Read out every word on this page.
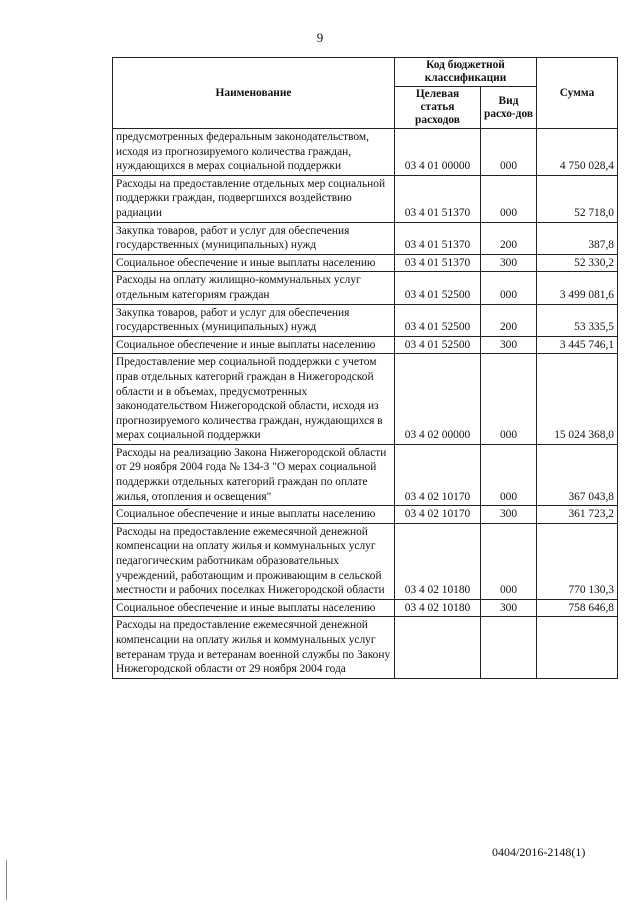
9
Наименование	Код бюджетной классификации		Сумма
	Целевая статья расходов	Вид расхо-дов	
предусмотренных федеральным законодательством, исходя из прогнозируемого количества граждан, нуждающихся в мерах социальной поддержки	03 4 01 00000	000	4 750 028,4
Расходы на предоставление отдельных мер социальной поддержки граждан, подвергшихся воздействию радиации	03 4 01 51370	000	52 718,0
Закупка товаров, работ и услуг для обеспечения государственных (муниципальных) нужд	03 4 01 51370	200	387,8
Социальное обеспечение и иные выплаты населению	03 4 01 51370	300	52 330,2
Расходы на оплату жилищно-коммунальных услуг отдельным категориям граждан	03 4 01 52500	000	3 499 081,6
Закупка товаров, работ и услуг для обеспечения государственных (муниципальных) нужд	03 4 01 52500	200	53 335,5
Социальное обеспечение и иные выплаты населению	03 4 01 52500	300	3 445 746,1
Предоставление мер социальной поддержки с учетом прав отдельных категорий граждан в Нижегородской области и в объемах, предусмотренных законодательством Нижегородской области, исходя из прогнозируемого количества граждан, нуждающихся в мерах социальной поддержки	03 4 02 00000	000	15 024 368,0
Расходы на реализацию Закона Нижегородской области от 29 ноября 2004 года № 134-З "О мерах социальной поддержки отдельных категорий граждан по оплате жилья, отопления и освещения"	03 4 02 10170	000	367 043,8
Социальное обеспечение и иные выплаты населению	03 4 02 10170	300	361 723,2
Расходы на предоставление ежемесячной денежной компенсации на оплату жилья и коммунальных услуг педагогическим работникам образовательных учреждений, работающим и проживающим в сельской местности и рабочих поселках Нижегородской области	03 4 02 10180	000	770 130,3
Социальное обеспечение и иные выплаты населению	03 4 02 10180	300	758 646,8
Расходы на предоставление ежемесячной денежной компенсации на оплату жилья и коммунальных услуг ветеранам труда и ветеранам военной службы по Закону Нижегородской области от 29 ноября 2004 года			
0404/2016-2148(1)
